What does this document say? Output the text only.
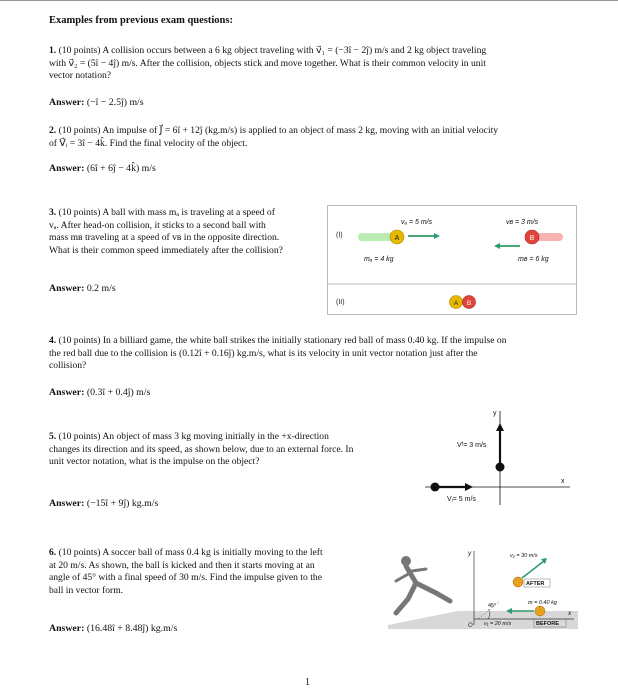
Examples from previous exam questions:
1. (10 points) A collision occurs between a 6 kg object traveling with v⃗₁ = (−3î − 2ĵ) m/s and 2 kg object traveling
with v⃗₂ = (5î − 4ĵ) m/s. After the collision, objects stick and move together. What is their common velocity in unit
vector notation?
Answer: (−î − 2.5ĵ) m/s
2. (10 points) An impulse of J⃗ = 6î + 12ĵ (kg.m/s) is applied to an object of mass 2 kg, moving with an initial velocity
of V⃗ᵢ = 3î − 4k̂. Find the final velocity of the object.
Answer: (6î + 6ĵ − 4k̂) m/s
3. (10 points) A ball with mass mₐ is traveling at a speed of
vₐ. After head-on collision, it sticks to a second ball with
mass mʙ traveling at a speed of vʙ in the opposite direction.
What is their common speed immediately after the collision?
Answer: 0.2 m/s
(I)
(II)
A
vₐ = 5 m/s
mₐ = 4 kg
B
vʙ = 3 m/s
mʙ = 6 kg
A B
4. (10 points) In a billiard game, the white ball strikes the initially stationary red ball of mass 0.40 kg. If the impulse on
the red ball due to the collision is (0.12î + 0.16ĵ) kg.m/s, what is its velocity in unit vector notation just after the
collision?
Answer: (0.3î + 0.4ĵ) m/s
5. (10 points) An object of mass 3 kg moving initially in the +x-direction
changes its direction and its speed, as shown below, due to an external force. In
unit vector notation, what is the impulse on the object?
Answer: (−15î + 9ĵ) kg.m/s
y
x
Vᶠ= 3 m/s
Vᵢ= 5 m/s
6. (10 points) A soccer ball of mass 0.4 kg is initially moving to the left
at 20 m/s. As shown, the ball is kicked and then it starts moving at an
angle of 45° with a final speed of 30 m/s. Find the impulse given to the
ball in vector form.
Answer: (16.48î + 8.48ĵ) kg.m/s
y
x
O
v₂ = 30 m/s
AFTER
45°	m = 0.40 kg
v₁ = 20 m/s	BEFORE
1
